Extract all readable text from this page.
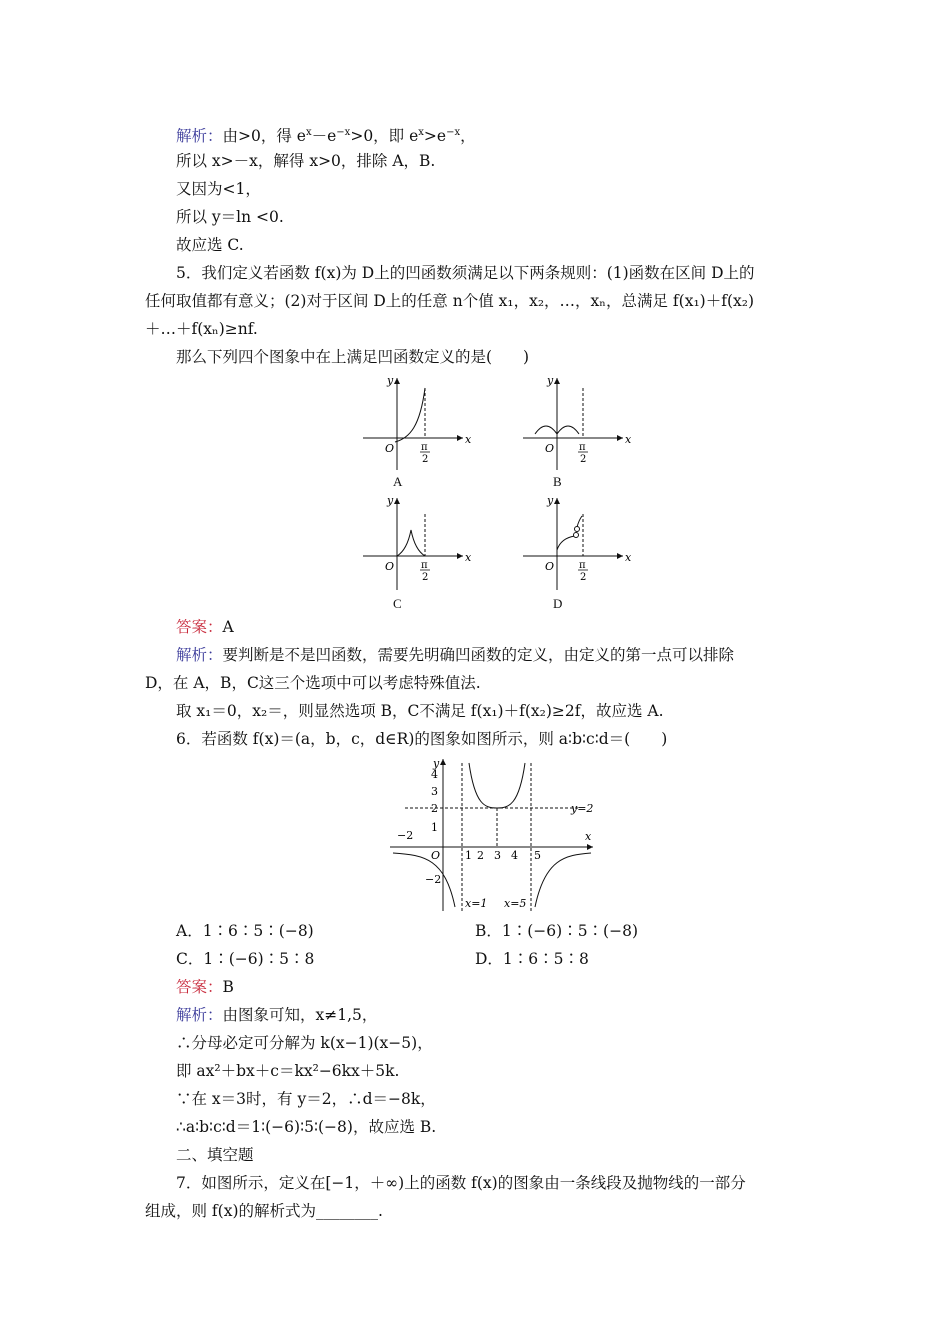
解析：由>0，得 $e^x-e^{-x}>0$，即 $e^x>e^{-x}$，
所以 x>－x，解得 x>0，排除 A，B.
又因为<1，
所以 y＝ln <0.
故应选 C.
5．我们定义若函数 f(x)为 D上的凹函数须满足以下两条规则：(1)函数在区间 D上的
任何取值都有意义；(2)对于区间 D上的任意 n个值 x₁，x₂，…，xₙ，总满足 f(x₁)＋f(x₂)
＋…＋f(xₙ)≥nf.
那么下列四个图象中在上满足凹函数定义的是(　　)
y
x
O	π
2
A
y
x
O π
2
B
y
x
O	π
2
C
y
x
O π
2
D
答案：A
解析：要判断是不是凹函数，需要先明确凹函数的定义，由定义的第一点可以排除
D，在 A，B，C这三个选项中可以考虑特殊值法.
取 x₁＝0，x₂＝，则显然选项 B，C不满足 f(x₁)＋f(x₂)≥2f，故应选 A.
6．若函数 f(x)＝(a，b，c，d∈R)的图象如图所示，则 a∶b∶c∶d＝(　　)
y
x
4
3
2
1
−2
−2
O 1 2 3 4 5
y=2
x=1 x=5
A．1∶6∶5∶(−8)	B．1∶(−6)∶5∶(−8)
C．1∶(−6)∶5∶8	D．1∶6∶5∶8
答案：B
解析：由图象可知，x≠1,5，
∴分母必定可分解为 k(x−1)(x−5)，
即 ax²＋bx＋c＝kx²−6kx＋5k.
∵在 x＝3时，有 y＝2，∴d＝−8k，
∴a∶b∶c∶d＝1∶(−6)∶5∶(−8)，故应选 B.
二、填空题
7．如图所示，定义在[−1，＋∞)上的函数 f(x)的图象由一条线段及抛物线的一部分
组成，则 f(x)的解析式为________.
